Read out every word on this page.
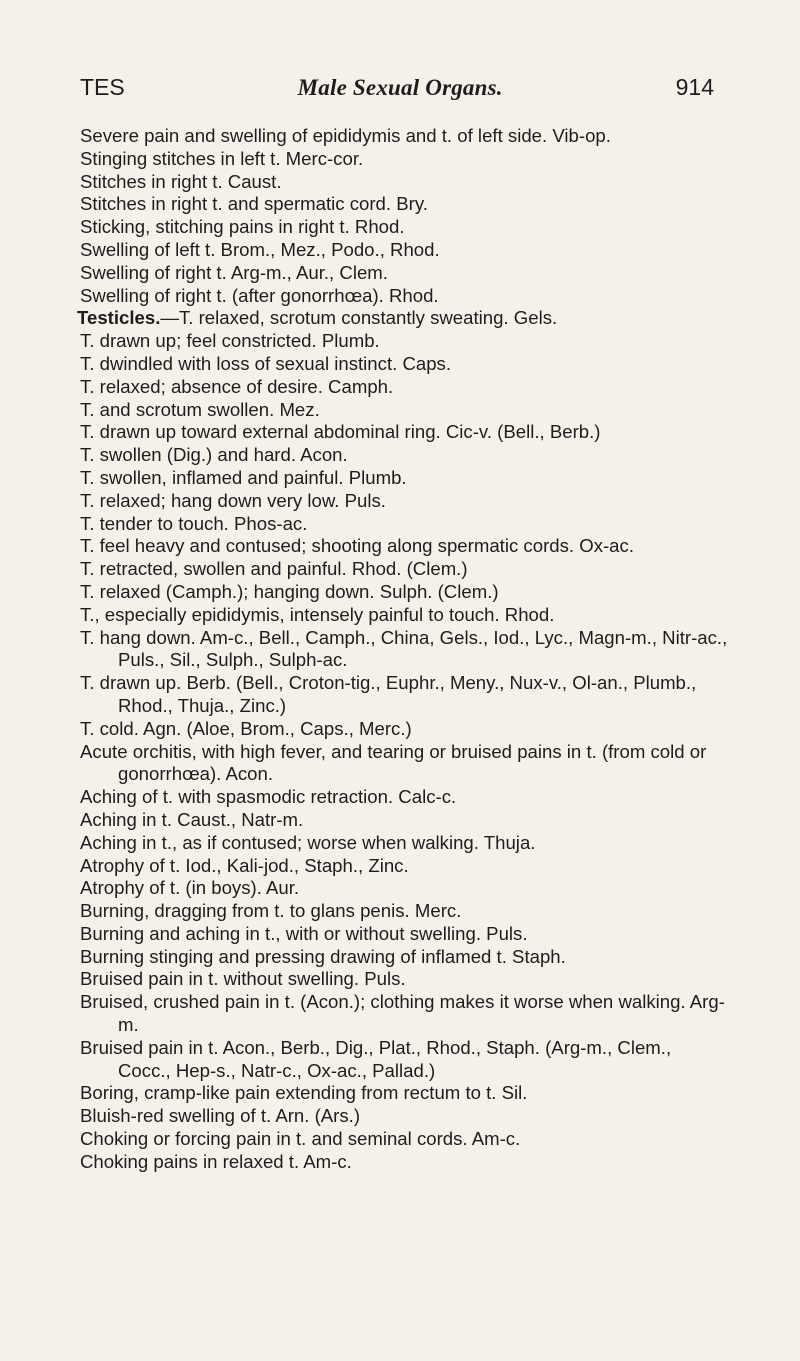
TES	Male Sexual Organs.	914
Severe pain and swelling of epididymis and t. of left side. Vib-op.
Stinging stitches in left t. Merc-cor.
Stitches in right t. Caust.
Stitches in right t. and spermatic cord. Bry.
Sticking, stitching pains in right t. Rhod.
Swelling of left t. Brom., Mez., Podo., Rhod.
Swelling of right t. Arg-m., Aur., Clem.
Swelling of right t. (after gonorrhœa). Rhod.
Testicles.—T. relaxed, scrotum constantly sweating. Gels.
T. drawn up; feel constricted. Plumb.
T. dwindled with loss of sexual instinct. Caps.
T. relaxed; absence of desire. Camph.
T. and scrotum swollen. Mez.
T. drawn up toward external abdominal ring. Cic-v. (Bell., Berb.)
T. swollen (Dig.) and hard. Acon.
T. swollen, inflamed and painful. Plumb.
T. relaxed; hang down very low. Puls.
T. tender to touch. Phos-ac.
T. feel heavy and contused; shooting along spermatic cords. Ox-ac.
T. retracted, swollen and painful. Rhod. (Clem.)
T. relaxed (Camph.); hanging down. Sulph. (Clem.)
T., especially epididymis, intensely painful to touch. Rhod.
T. hang down. Am-c., Bell., Camph., China, Gels., Iod., Lyc., Magn-m., Nitr-ac., Puls., Sil., Sulph., Sulph-ac.
T. drawn up. Berb. (Bell., Croton-tig., Euphr., Meny., Nux-v., Ol-an., Plumb., Rhod., Thuja., Zinc.)
T. cold. Agn. (Aloe, Brom., Caps., Merc.)
Acute orchitis, with high fever, and tearing or bruised pains in t. (from cold or gonorrhœa). Acon.
Aching of t. with spasmodic retraction. Calc-c.
Aching in t. Caust., Natr-m.
Aching in t., as if contused; worse when walking. Thuja.
Atrophy of t. Iod., Kali-jod., Staph., Zinc.
Atrophy of t. (in boys). Aur.
Burning, dragging from t. to glans penis. Merc.
Burning and aching in t., with or without swelling. Puls.
Burning stinging and pressing drawing of inflamed t. Staph.
Bruised pain in t. without swelling. Puls.
Bruised, crushed pain in t. (Acon.); clothing makes it worse when walking. Arg-m.
Bruised pain in t. Acon., Berb., Dig., Plat., Rhod., Staph. (Arg-m., Clem., Cocc., Hep-s., Natr-c., Ox-ac., Pallad.)
Boring, cramp-like pain extending from rectum to t. Sil.
Bluish-red swelling of t. Arn. (Ars.)
Choking or forcing pain in t. and seminal cords. Am-c.
Choking pains in relaxed t. Am-c.
